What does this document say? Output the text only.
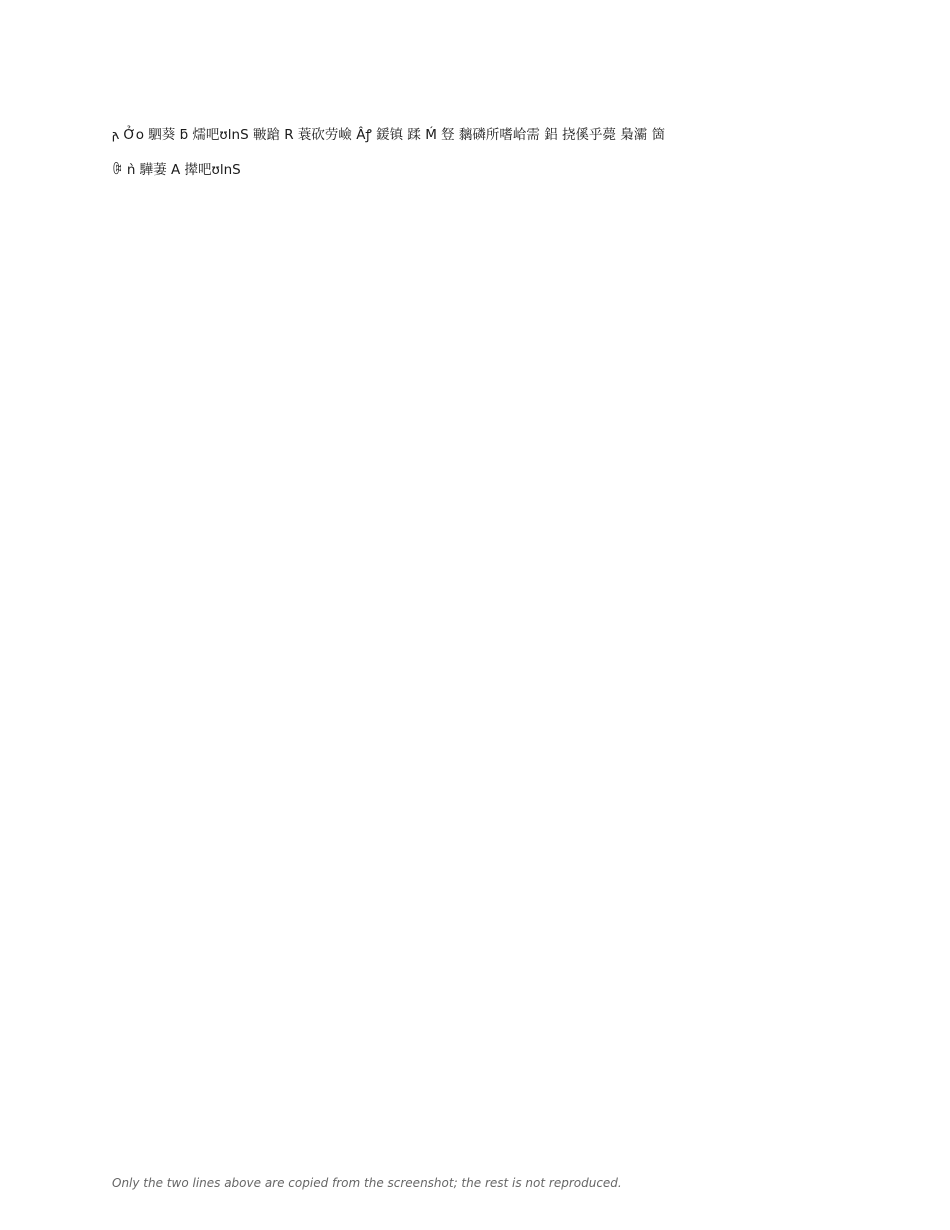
𐌰 Ởо 駟葵 ƃ 燸吧ʊlnS 皸蹌 R 蓑砍劳嶮 Âꝭ 鍰镇 蹂 Ḿ 豋 黐磷所嗜峆需 鋁 挠傒乎薨 梟灞 箇

ꎟ ǹ 驊萋 A 撵吧ʊlnS

Only the two lines above are copied from the screenshot; the rest is not reproduced.
